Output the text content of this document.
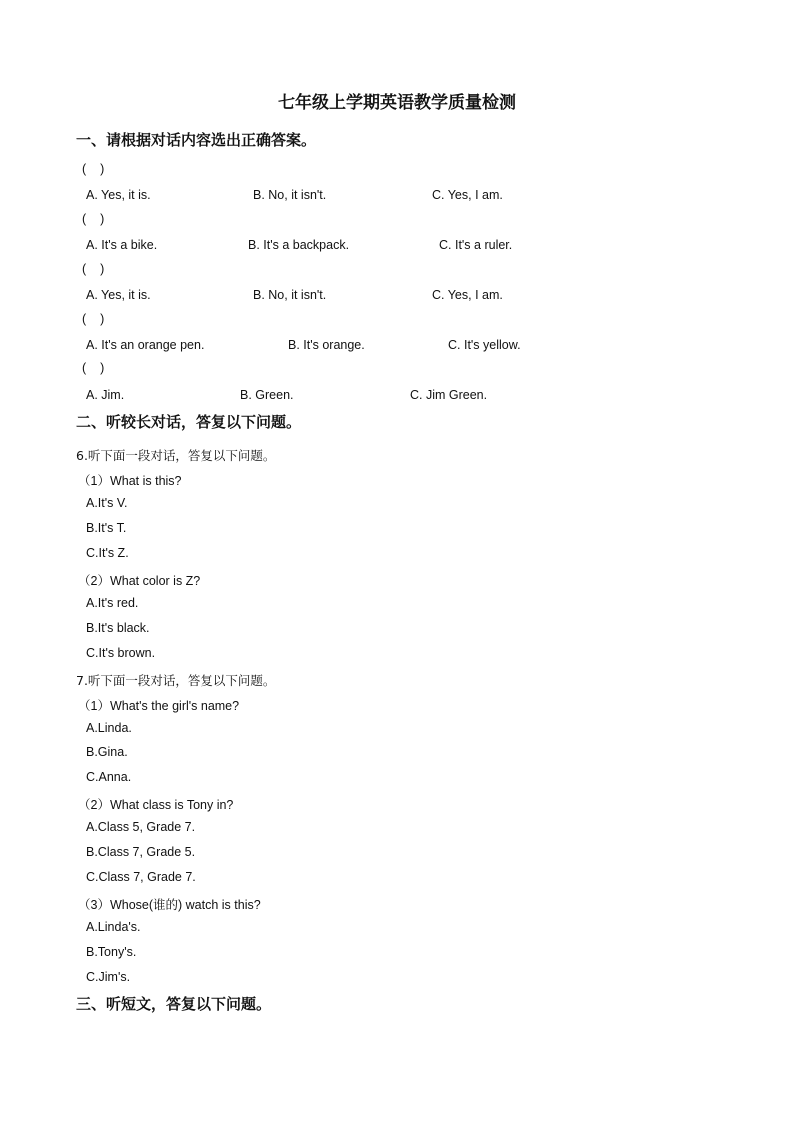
七年级上学期英语教学质量检测
一、请根据对话内容选出正确答案。
( )
A. Yes, it is.	B. No, it isn't.	C. Yes, I am.
( )
A. It's a bike.	B. It's a backpack.	C. It's a ruler.
( )
A. Yes, it is.	B. No, it isn't.	C. Yes, I am.
( )
A. It's an orange pen.	B. It's orange.	C. It's yellow.
( )
A. Jim.	B. Green.	C. Jim Green.
二、听较长对话，答复以下问题。
6.听下面一段对话，答复以下问题。
（1）What is this?
A.It's V.
B.It's T.
C.It's Z.
（2）What color is Z?
A.It's red.
B.It's black.
C.It's brown.
7.听下面一段对话，答复以下问题。
（1）What's the girl's name?
A.Linda.
B.Gina.
C.Anna.
（2）What class is Tony in?
A.Class 5, Grade 7.
B.Class 7, Grade 5.
C.Class 7, Grade 7.
（3）Whose(谁的) watch is this?
A.Linda's.
B.Tony's.
C.Jim's.
三、听短文，答复以下问题。
